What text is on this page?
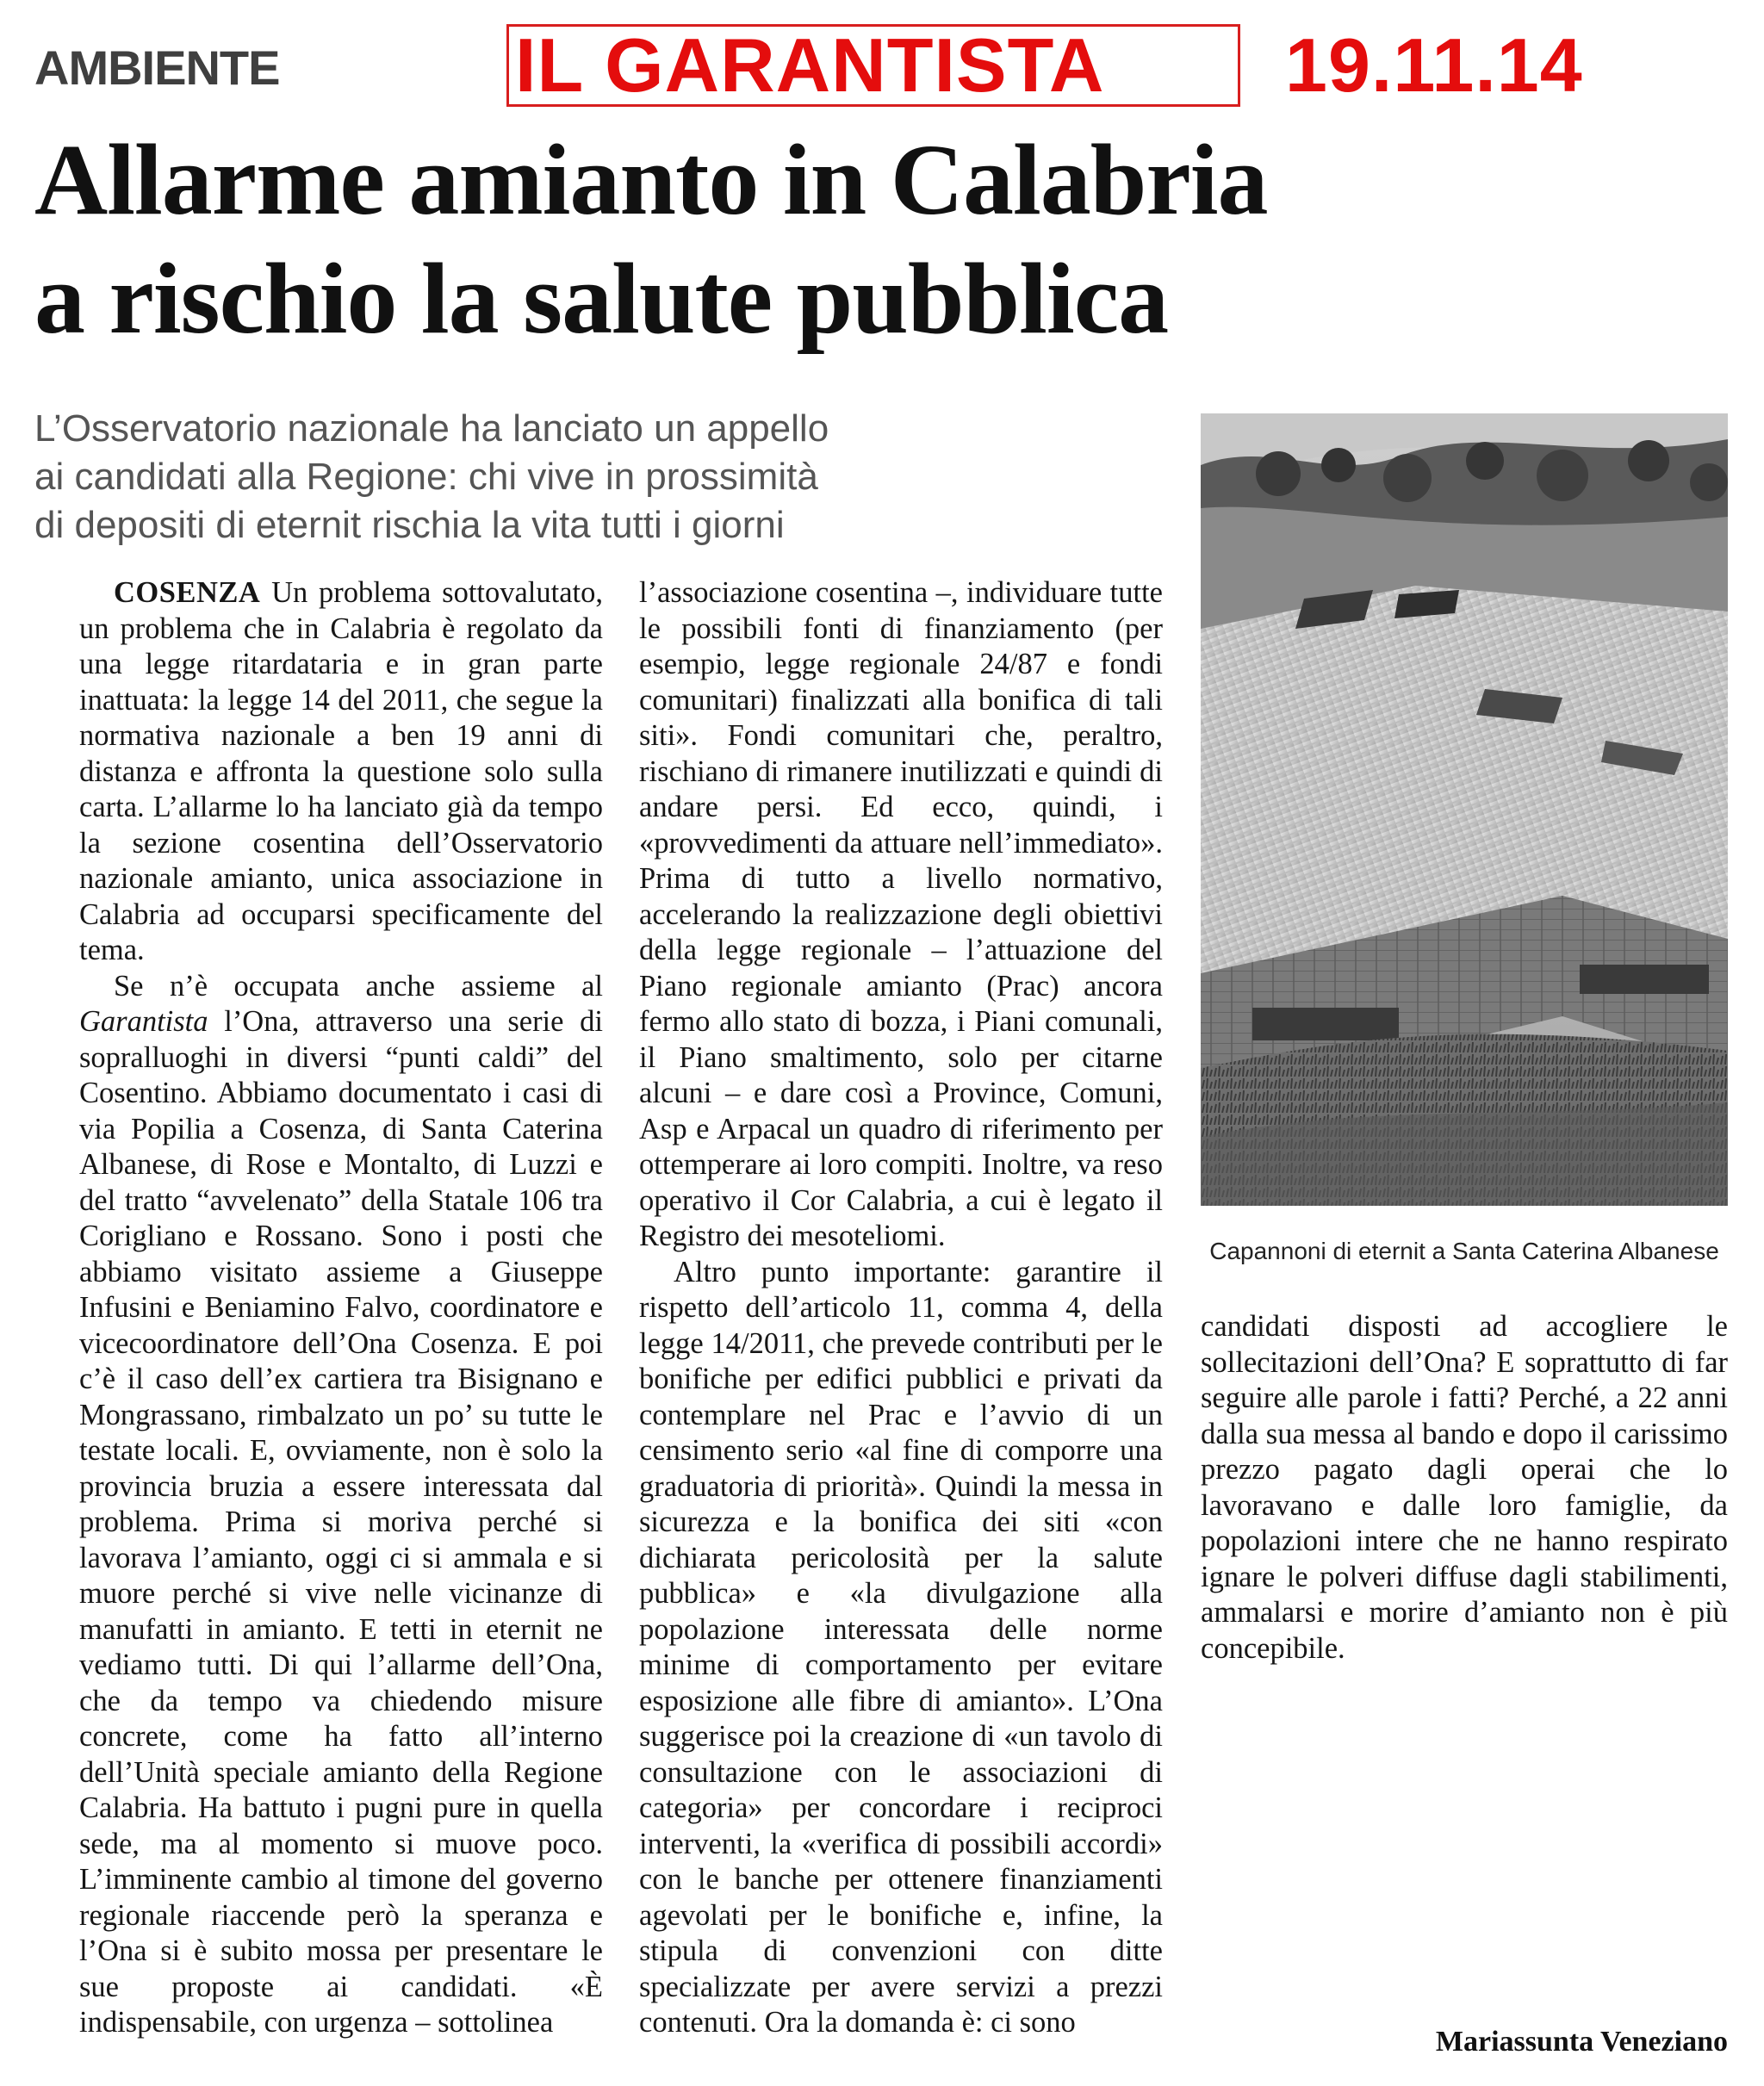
AMBIENTE	IL GARANTISTA 19.11.14
Allarme amianto in Calabria
a rischio la salute pubblica
L’Osservatorio nazionale ha lanciato un appello
ai candidati alla Regione: chi vive in prossimità
di depositi di eternit rischia la vita tutti i giorni

COSENZA Un problema sottovalutato, un problema che in Calabria è regolato da una legge ritardataria e in gran parte inattuata: la legge 14 del 2011, che segue la normativa nazionale a ben 19 anni di distanza e affronta la questione solo sulla carta. L’allarme lo ha lanciato già da tempo la sezione cosentina dell’Osservatorio nazionale amianto, unica associazione in Calabria ad occuparsi specificamente del tema.

Se n’è occupata anche assieme al Garantista l’Ona, attraverso una serie di sopralluoghi in diversi “punti caldi” del Cosentino. Abbiamo documentato i casi di via Popilia a Cosenza, di Santa Caterina Albanese, di Rose e Montalto, di Luzzi e del tratto “avvelenato” della Statale 106 tra Corigliano e Rossano. Sono i posti che abbiamo visitato assieme a Giuseppe Infusini e Beniamino Falvo, coordinatore e vicecoordinatore dell’Ona Cosenza. E poi c’è il caso dell’ex cartiera tra Bisignano e Mongrassano, rimbalzato un po’ su tutte le testate locali. E, ovviamente, non è solo la provincia bruzia a essere interessata dal problema. Prima si moriva perché si lavorava l’amianto, oggi ci si ammala e si muore perché si vive nelle vicinanze di manufatti in amianto. E tetti in eternit ne vediamo tutti. Di qui l’allarme dell’Ona, che da tempo va chiedendo misure concrete, come ha fatto all’interno dell’Unità speciale amianto della Regione Calabria. Ha battuto i pugni pure in quella sede, ma al momento si muove poco. L’imminente cambio al timone del governo regionale riaccende però la speranza e l’Ona si è subito mossa per presentare le sue proposte ai candidati. «È indispensabile, con urgenza – sottolinea

l’associazione cosentina –, individuare tutte le possibili fonti di finanziamento (per esempio, legge regionale 24/87 e fondi comunitari) finalizzati alla bonifica di tali siti». Fondi comunitari che, peraltro, rischiano di rimanere inutilizzati e quindi di andare persi. Ed ecco, quindi, i «provvedimenti da attuare nell’immediato». Prima di tutto a livello normativo, accelerando la realizzazione degli obiettivi della legge regionale – l’attuazione del Piano regionale amianto (Prac) ancora fermo allo stato di bozza, i Piani comunali, il Piano smaltimento, solo per citarne alcuni – e dare così a Province, Comuni, Asp e Arpacal un quadro di riferimento per ottemperare ai loro compiti. Inoltre, va reso operativo il Cor Calabria, a cui è legato il Registro dei mesoteliomi.

Altro punto importante: garantire il rispetto dell’articolo 11, comma 4, della legge 14/2011, che prevede contributi per le bonifiche per edifici pubblici e privati da contemplare nel Prac e l’avvio di un censimento serio «al fine di comporre una graduatoria di priorità». Quindi la messa in sicurezza e la bonifica dei siti «con dichiarata pericolosità per la salute pubblica» e «la divulgazione alla popolazione interessata delle norme minime di comportamento per evitare esposizione alle fibre di amianto». L’Ona suggerisce poi la creazione di «un tavolo di consultazione con le associazioni di categoria» per concordare i reciproci interventi, la «verifica di possibili accordi» con le banche per ottenere finanziamenti agevolati per le bonifiche e, infine, la stipula di convenzioni con ditte specializzate per avere servizi a prezzi contenuti. Ora la domanda è: ci sono

Capannoni di eternit a Santa Caterina Albanese

candidati disposti ad accogliere le sollecitazioni dell’Ona? E soprattutto di far seguire alle parole i fatti? Perché, a 22 anni dalla sua messa al bando e dopo il carissimo prezzo pagato dagli operai che lo lavoravano e dalle loro famiglie, da popolazioni intere che ne hanno respirato ignare le polveri diffuse dagli stabilimenti, ammalarsi e morire d’amianto non è più concepibile.

Mariassunta Veneziano
